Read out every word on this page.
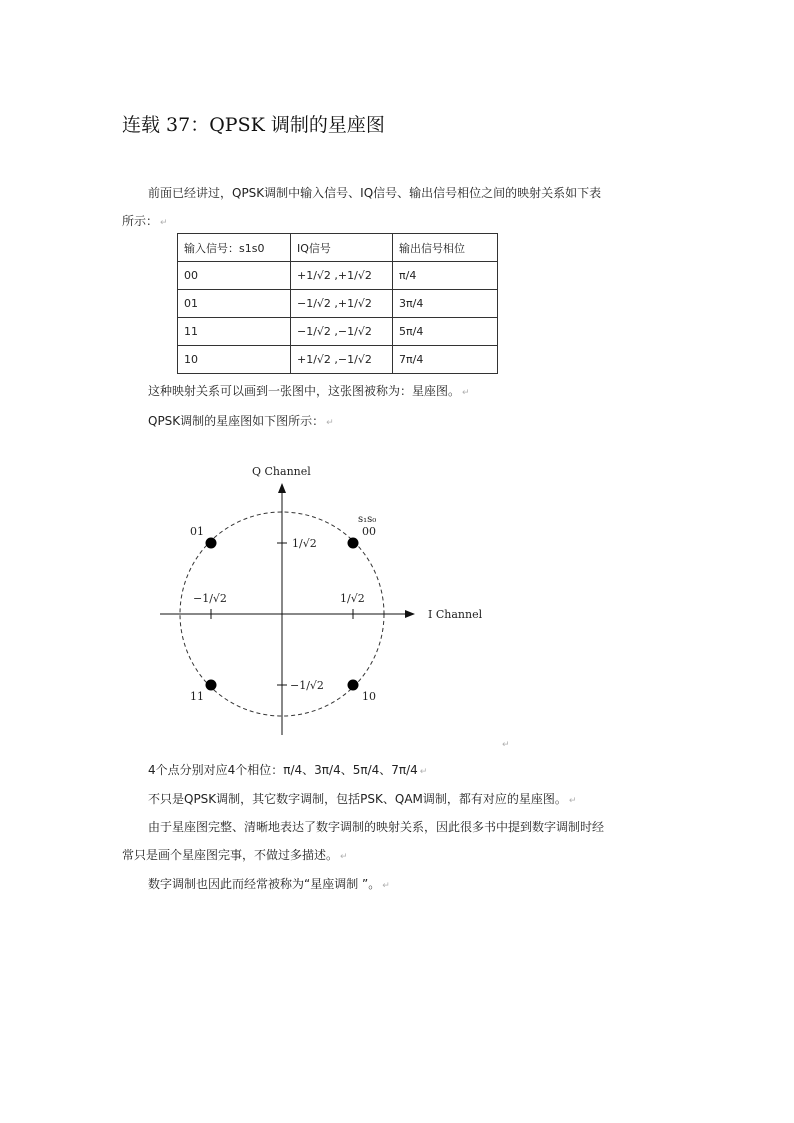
连载 37：QPSK 调制的星座图
前面已经讲过，QPSK调制中输入信号、IQ信号、输出信号相位之间的映射关系如下表
所示： ↵
输入信号：s1s0	IQ信号	输出信号相位
00	+1/√2 ,+1/√2	π/4
01	−1/√2 ,+1/√2	3π/4
11	−1/√2 ,−1/√2	5π/4
10	+1/√2 ,−1/√2	7π/4
这种映射关系可以画到一张图中，这张图被称为：星座图。 ↵
QPSK调制的星座图如下图所示： ↵
Q Channel
I Channel
s₁s₀
1/√2
−1/√2
1/√2
−1/√2
00
01
11	10
↵
4个点分别对应4个相位：π/4、3π/4、5π/4、7π/4 ↵
不只是QPSK调制，其它数字调制，包括PSK、QAM调制，都有对应的星座图。 ↵
由于星座图完整、清晰地表达了数字调制的映射关系，因此很多书中提到数字调制时经
常只是画个星座图完事，不做过多描述。 ↵
数字调制也因此而经常被称为“星座调制 ”。 ↵
